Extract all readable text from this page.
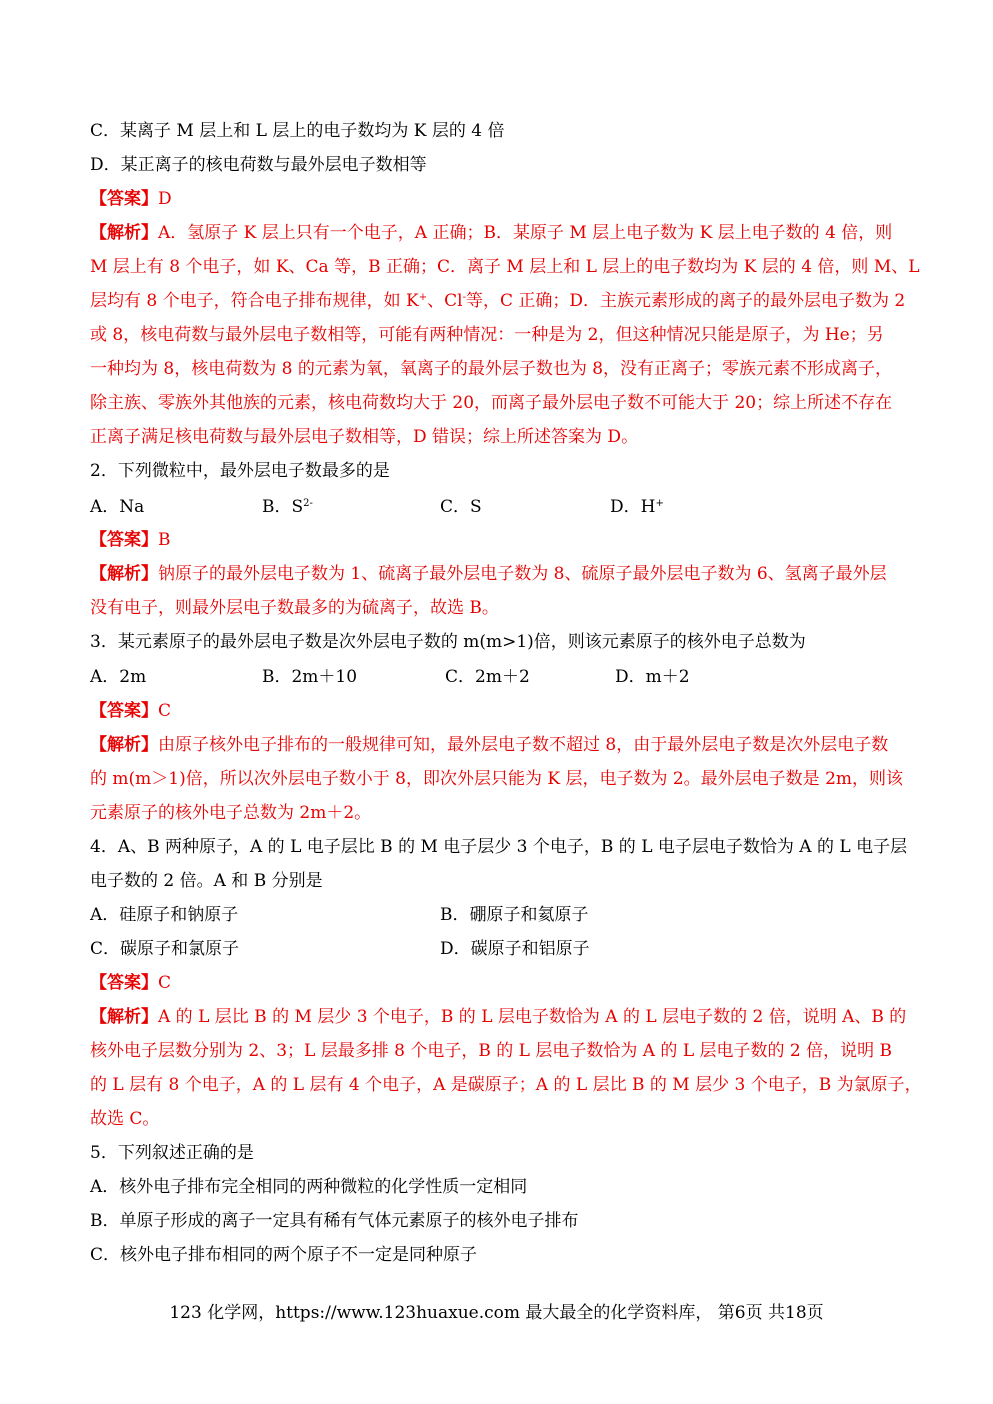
C．某离子 M 层上和 L 层上的电子数均为 K 层的 4 倍
D．某正离子的核电荷数与最外层电子数相等
【答案】D
【解析】A．氢原子 K 层上只有一个电子，A 正确；B．某原子 M 层上电子数为 K 层上电子数的 4 倍，则
M 层上有 8 个电子，如 K、Ca 等，B 正确；C．离子 M 层上和 L 层上的电子数均为 K 层的 4 倍，则 M、L
层均有 8 个电子，符合电子排布规律，如 K+、Cl-等，C 正确；D．主族元素形成的离子的最外层电子数为 2
或 8，核电荷数与最外层电子数相等，可能有两种情况：一种是为 2，但这种情况只能是原子，为 He；另
一种均为 8，核电荷数为 8 的元素为氧，氧离子的最外层子数也为 8，没有正离子；零族元素不形成离子，
除主族、零族外其他族的元素，核电荷数均大于 20，而离子最外层电子数不可能大于 20；综上所述不存在
正离子满足核电荷数与最外层电子数相等，D 错误；综上所述答案为 D。
2．下列微粒中，最外层电子数最多的是
A．Na	B．$S^{2-}$	C．S	D．H+
【答案】B
【解析】钠原子的最外层电子数为 1、硫离子最外层电子数为 8、硫原子最外层电子数为 6、氢离子最外层
没有电子，则最外层电子数最多的为硫离子，故选 B。
3．某元素原子的最外层电子数是次外层电子数的 m(m>1)倍，则该元素原子的核外电子总数为
A．2m	B．2m＋10	C．2m＋2	D．m＋2
【答案】C
【解析】由原子核外电子排布的一般规律可知，最外层电子数不超过 8，由于最外层电子数是次外层电子数
的 m(m＞1)倍，所以次外层电子数小于 8，即次外层只能为 K 层，电子数为 2。最外层电子数是 2m，则该
元素原子的核外电子总数为 2m＋2。
4．A、B 两种原子，A 的 L 电子层比 B 的 M 电子层少 3 个电子，B 的 L 电子层电子数恰为 A 的 L 电子层
电子数的 2 倍。A 和 B 分别是
A．硅原子和钠原子	B．硼原子和氦原子
C．碳原子和氯原子	D．碳原子和铝原子
【答案】C
【解析】A 的 L 层比 B 的 M 层少 3 个电子，B 的 L 层电子数恰为 A 的 L 层电子数的 2 倍，说明 A、B 的
核外电子层数分别为 2、3；L 层最多排 8 个电子，B 的 L 层电子数恰为 A 的 L 层电子数的 2 倍，说明 B
的 L 层有 8 个电子，A 的 L 层有 4 个电子，A 是碳原子；A 的 L 层比 B 的 M 层少 3 个电子，B 为氯原子，
故选 C。
5．下列叙述正确的是
A．核外电子排布完全相同的两种微粒的化学性质一定相同
B．单原子形成的离子一定具有稀有气体元素原子的核外电子排布
C．核外电子排布相同的两个原子不一定是同种原子
123 化学网，https://www.123huaxue.com 最大最全的化学资料库， 第6页 共18页
